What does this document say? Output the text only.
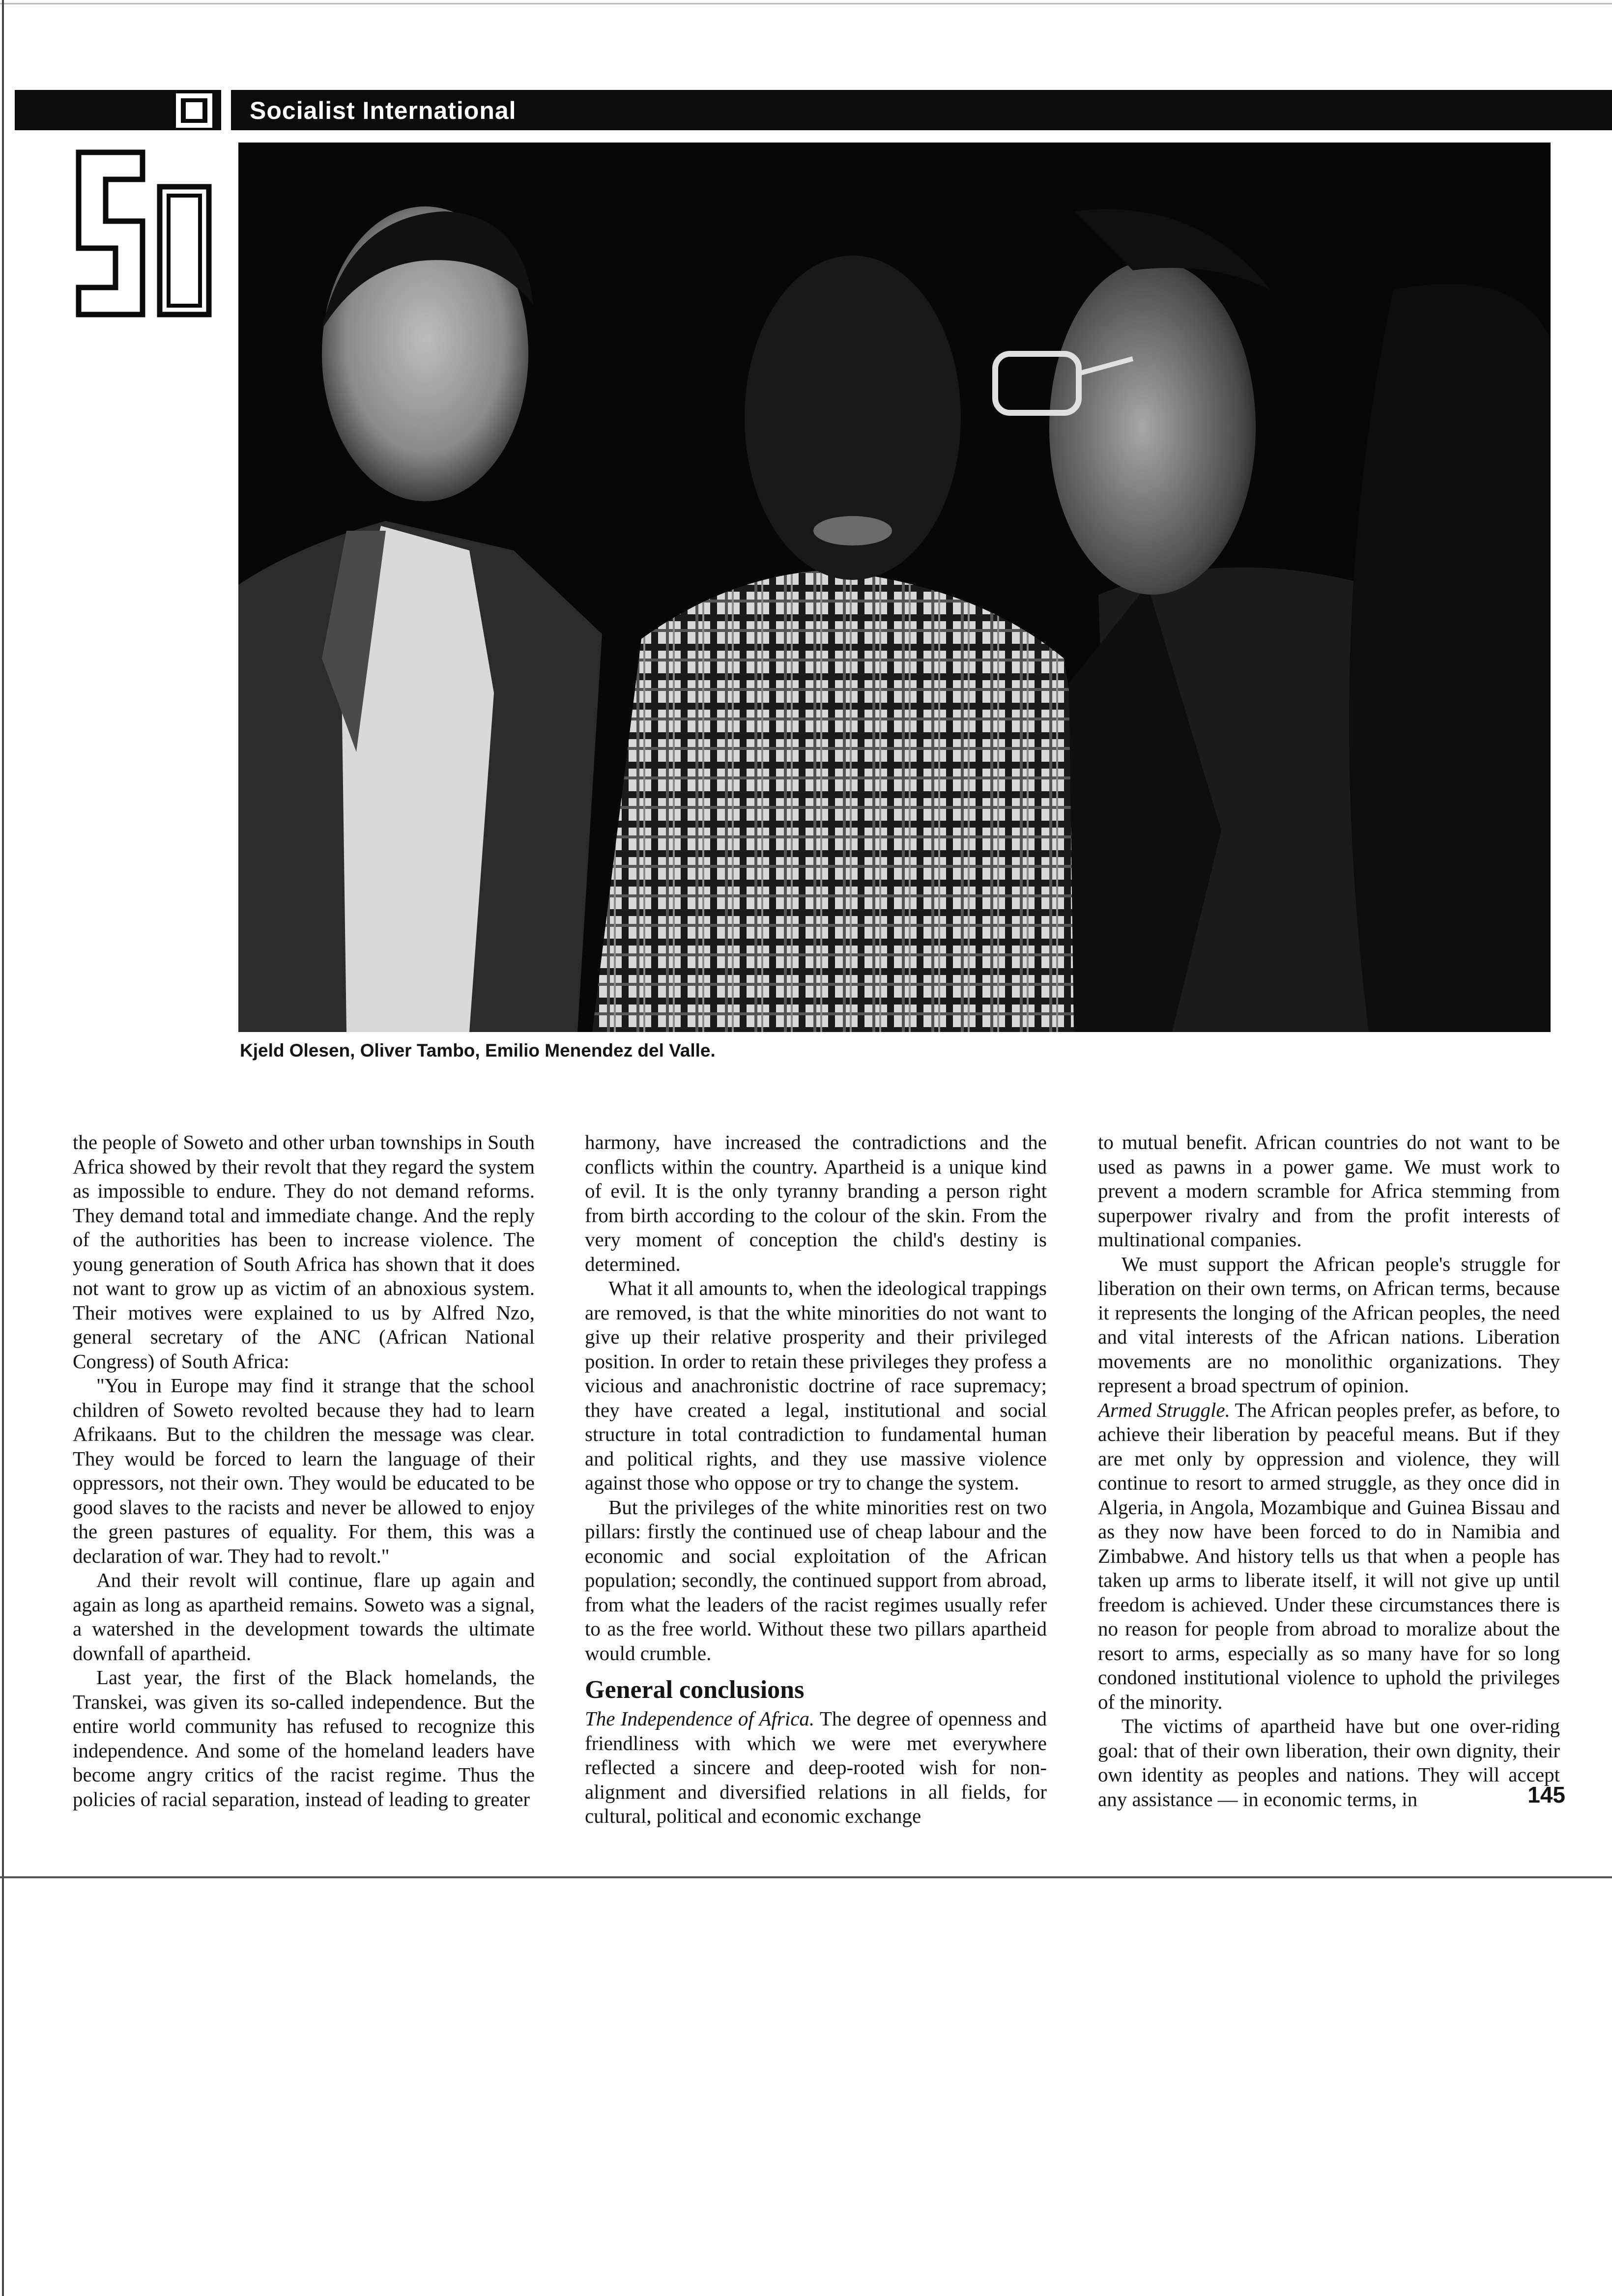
Socialist International
Kjeld Olesen, Oliver Tambo, Emilio Menendez del Valle.

the people of Soweto and other urban townships in South Africa showed by their revolt that they regard the system as impossible to endure. They do not demand reforms. They demand total and immediate change. And the reply of the authorities has been to increase violence. The young generation of South Africa has shown that it does not want to grow up as victim of an abnoxious system. Their motives were explained to us by Alfred Nzo, general secretary of the ANC (African National Congress) of South Africa:

"You in Europe may find it strange that the school children of Soweto revolted because they had to learn Afrikaans. But to the children the message was clear. They would be forced to learn the language of their oppressors, not their own. They would be educated to be good slaves to the racists and never be allowed to enjoy the green pastures of equality. For them, this was a declaration of war. They had to revolt."

And their revolt will continue, flare up again and again as long as apartheid remains. Soweto was a signal, a watershed in the development towards the ultimate downfall of apartheid.

Last year, the first of the Black homelands, the Transkei, was given its so-called independence. But the entire world community has refused to recognize this independence. And some of the homeland leaders have become angry critics of the racist regime. Thus the policies of racial separation, instead of leading to greater

harmony, have increased the contradictions and the conflicts within the country. Apartheid is a unique kind of evil. It is the only tyranny branding a person right from birth according to the colour of the skin. From the very moment of conception the child's destiny is determined.

What it all amounts to, when the ideological trappings are removed, is that the white minorities do not want to give up their relative prosperity and their privileged position. In order to retain these privileges they profess a vicious and anachronistic doctrine of race supremacy; they have created a legal, institutional and social structure in total contradiction to fundamental human and political rights, and they use massive violence against those who oppose or try to change the system.

But the privileges of the white minorities rest on two pillars: firstly the continued use of cheap labour and the economic and social exploitation of the African population; secondly, the continued support from abroad, from what the leaders of the racist regimes usually refer to as the free world. Without these two pillars apartheid would crumble.

General conclusions

The Independence of Africa. The degree of openness and friendliness with which we were met everywhere reflected a sincere and deep-rooted wish for non-alignment and diversified relations in all fields, for cultural, political and economic exchange

to mutual benefit. African countries do not want to be used as pawns in a power game. We must work to prevent a modern scramble for Africa stemming from superpower rivalry and from the profit interests of multinational companies.

We must support the African people's struggle for liberation on their own terms, on African terms, because it represents the longing of the African peoples, the need and vital interests of the African nations. Liberation movements are no monolithic organizations. They represent a broad spectrum of opinion.

Armed Struggle. The African peoples prefer, as before, to achieve their liberation by peaceful means. But if they are met only by oppression and violence, they will continue to resort to armed struggle, as they once did in Algeria, in Angola, Mozambique and Guinea Bissau and as they now have been forced to do in Namibia and Zimbabwe. And history tells us that when a people has taken up arms to liberate itself, it will not give up until freedom is achieved. Under these circumstances there is no reason for people from abroad to moralize about the resort to arms, especially as so many have for so long condoned institutional violence to uphold the privileges of the minority.

The victims of apartheid have but one over-riding goal: that of their own liberation, their own dignity, their own identity as peoples and nations. They will accept any assistance — in economic terms, in	145
